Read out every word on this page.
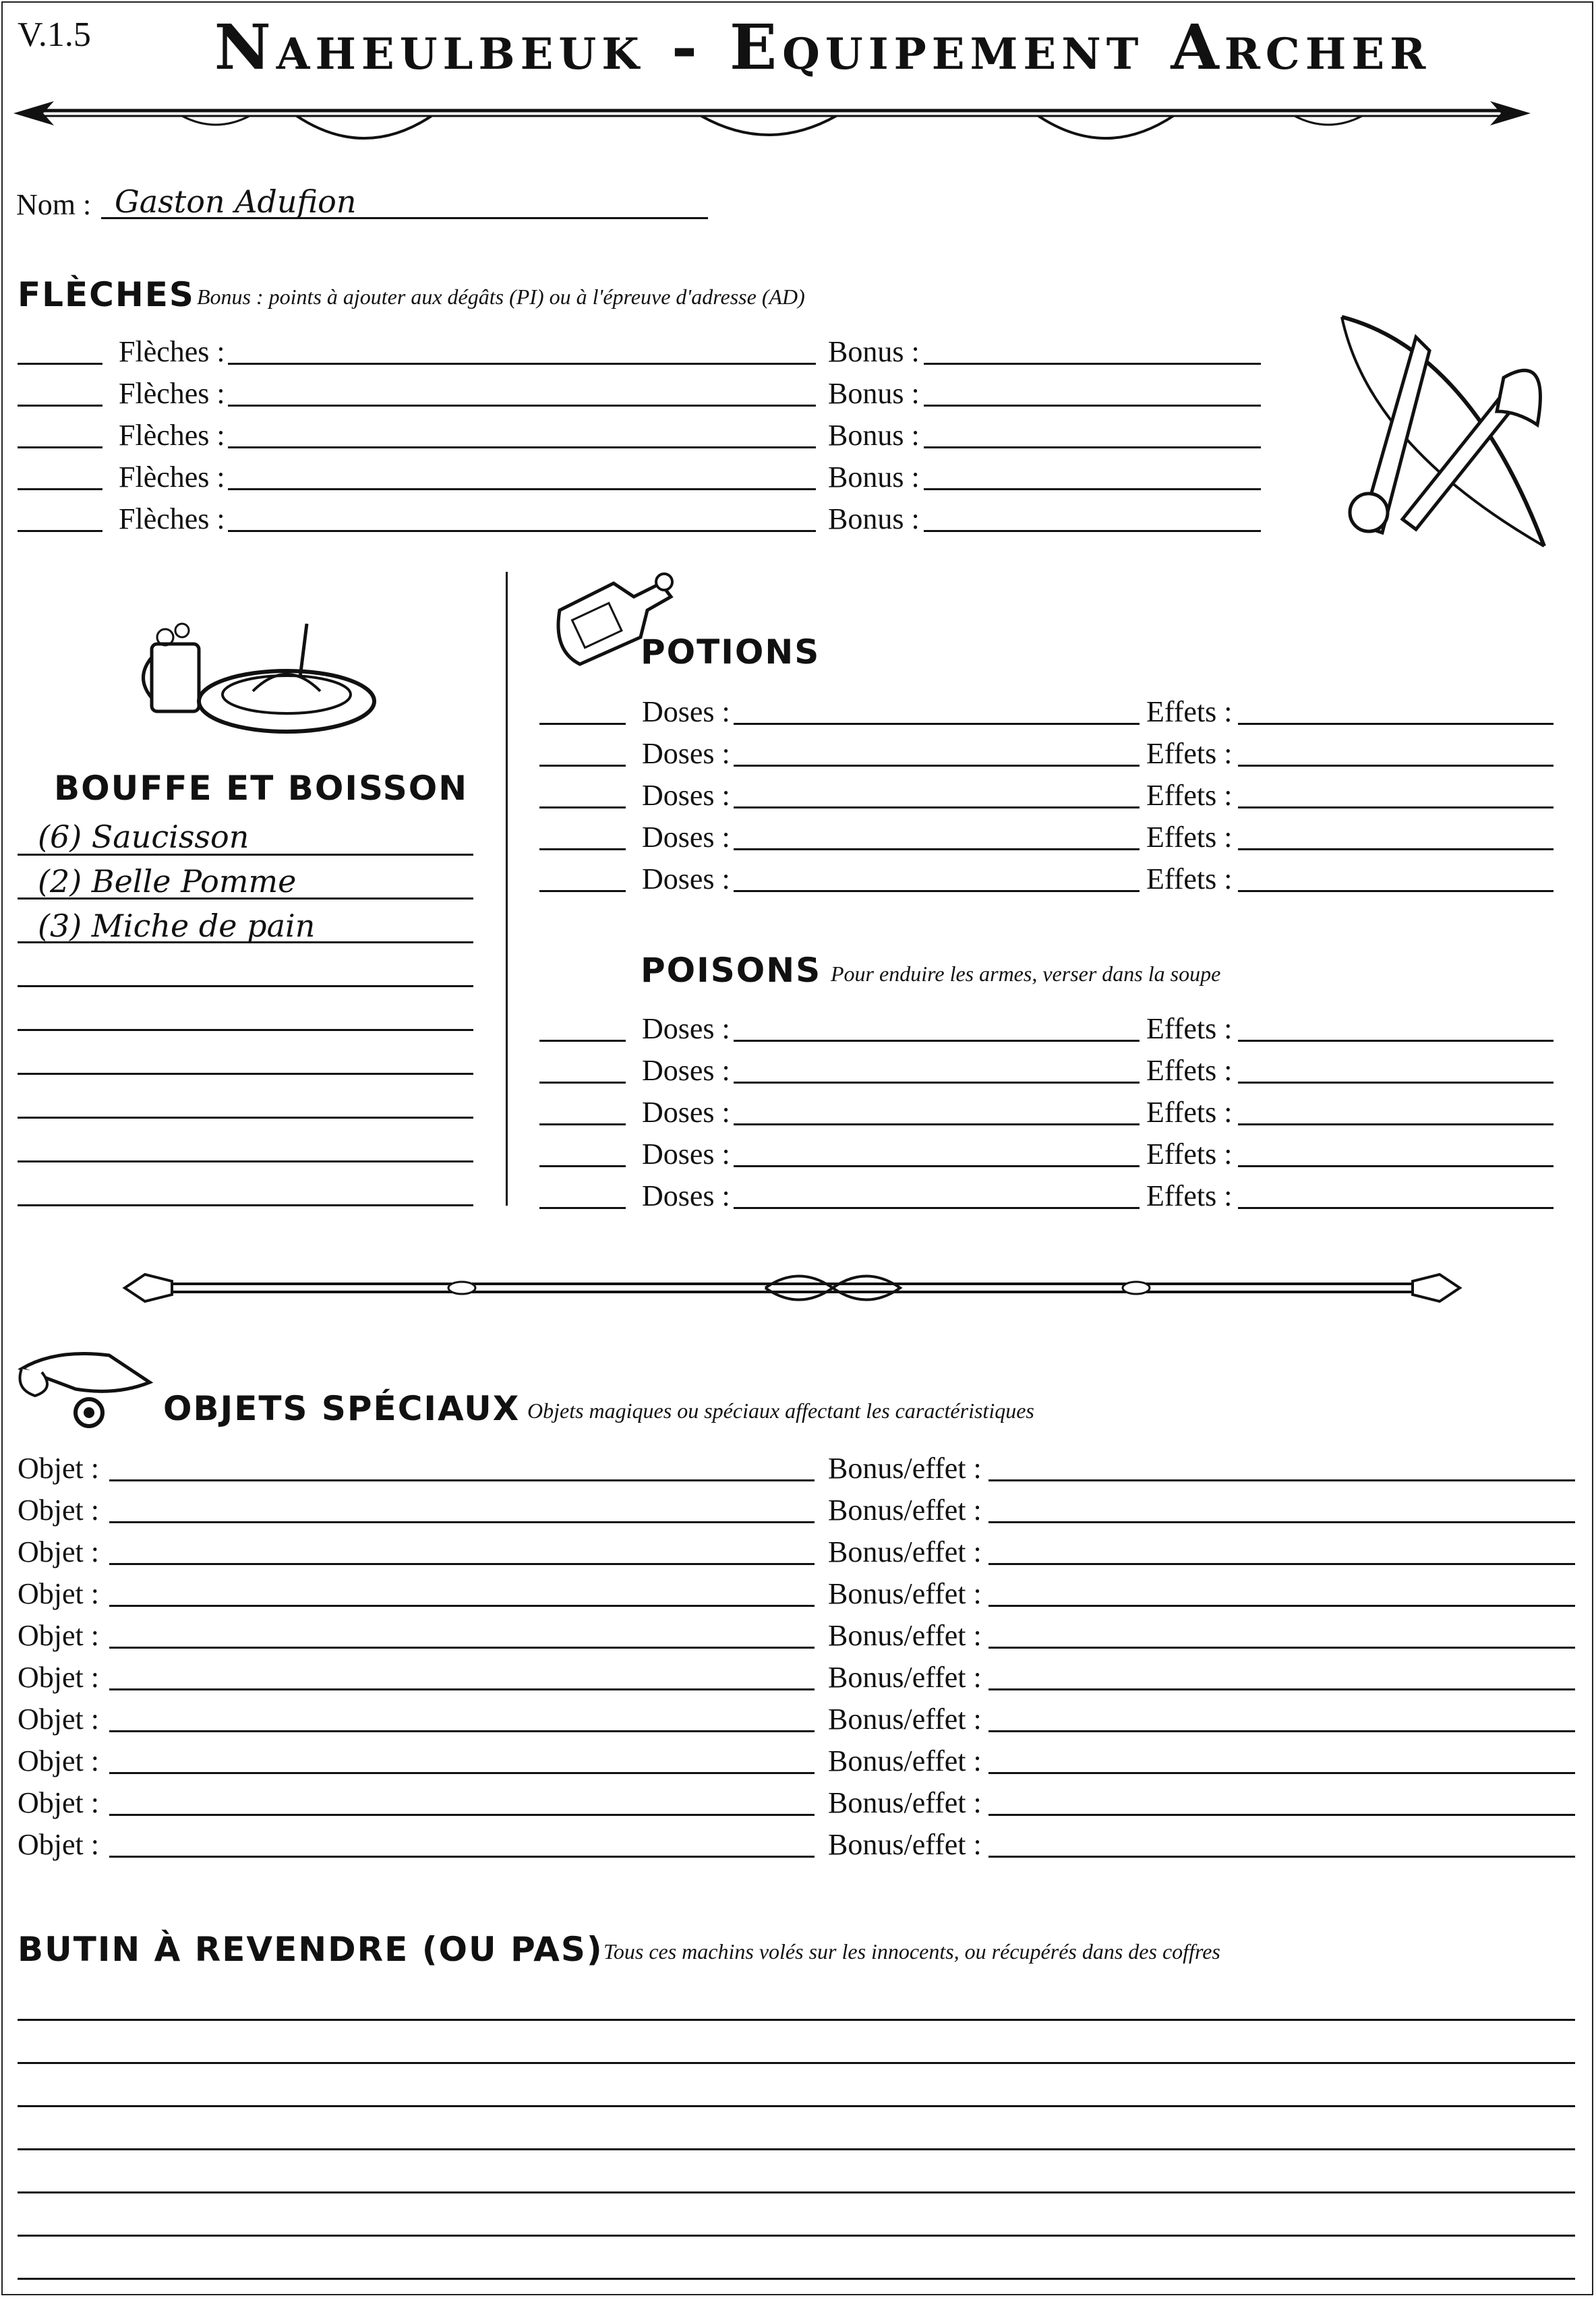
V.1.5 Naheulbeuk - Equipement Archer
Nom : Gaston Adufion
FLÈCHES Bonus : points à ajouter aux dégâts (PI) ou à l'épreuve d'adresse (AD)
Flèches :	Bonus :
Flèches :	Bonus :
Flèches :	Bonus :
Flèches :	Bonus :
Flèches :	Bonus :
BOUFFE ET BOISSON
(6) Saucisson
(2) Belle Pomme
(3) Miche de pain
POTIONS
Doses :	Effets :
Doses :	Effets :
Doses :	Effets :
Doses :	Effets :
Doses :	Effets :
POISONS Pour enduire les armes, verser dans la soupe
Doses :	Effets :
Doses :	Effets :
Doses :	Effets :
Doses :	Effets :
Doses :	Effets :
OBJETS SPÉCIAUX Objets magiques ou spéciaux affectant les caractéristiques
Objet :	Bonus/effet :
Objet :	Bonus/effet :
Objet :	Bonus/effet :
Objet :	Bonus/effet :
Objet :	Bonus/effet :
Objet :	Bonus/effet :
Objet :	Bonus/effet :
Objet :	Bonus/effet :
Objet :	Bonus/effet :
Objet :	Bonus/effet :
BUTIN À REVENDRE (OU PAS) Tous ces machins volés sur les innocents, ou récupérés dans des coffres
